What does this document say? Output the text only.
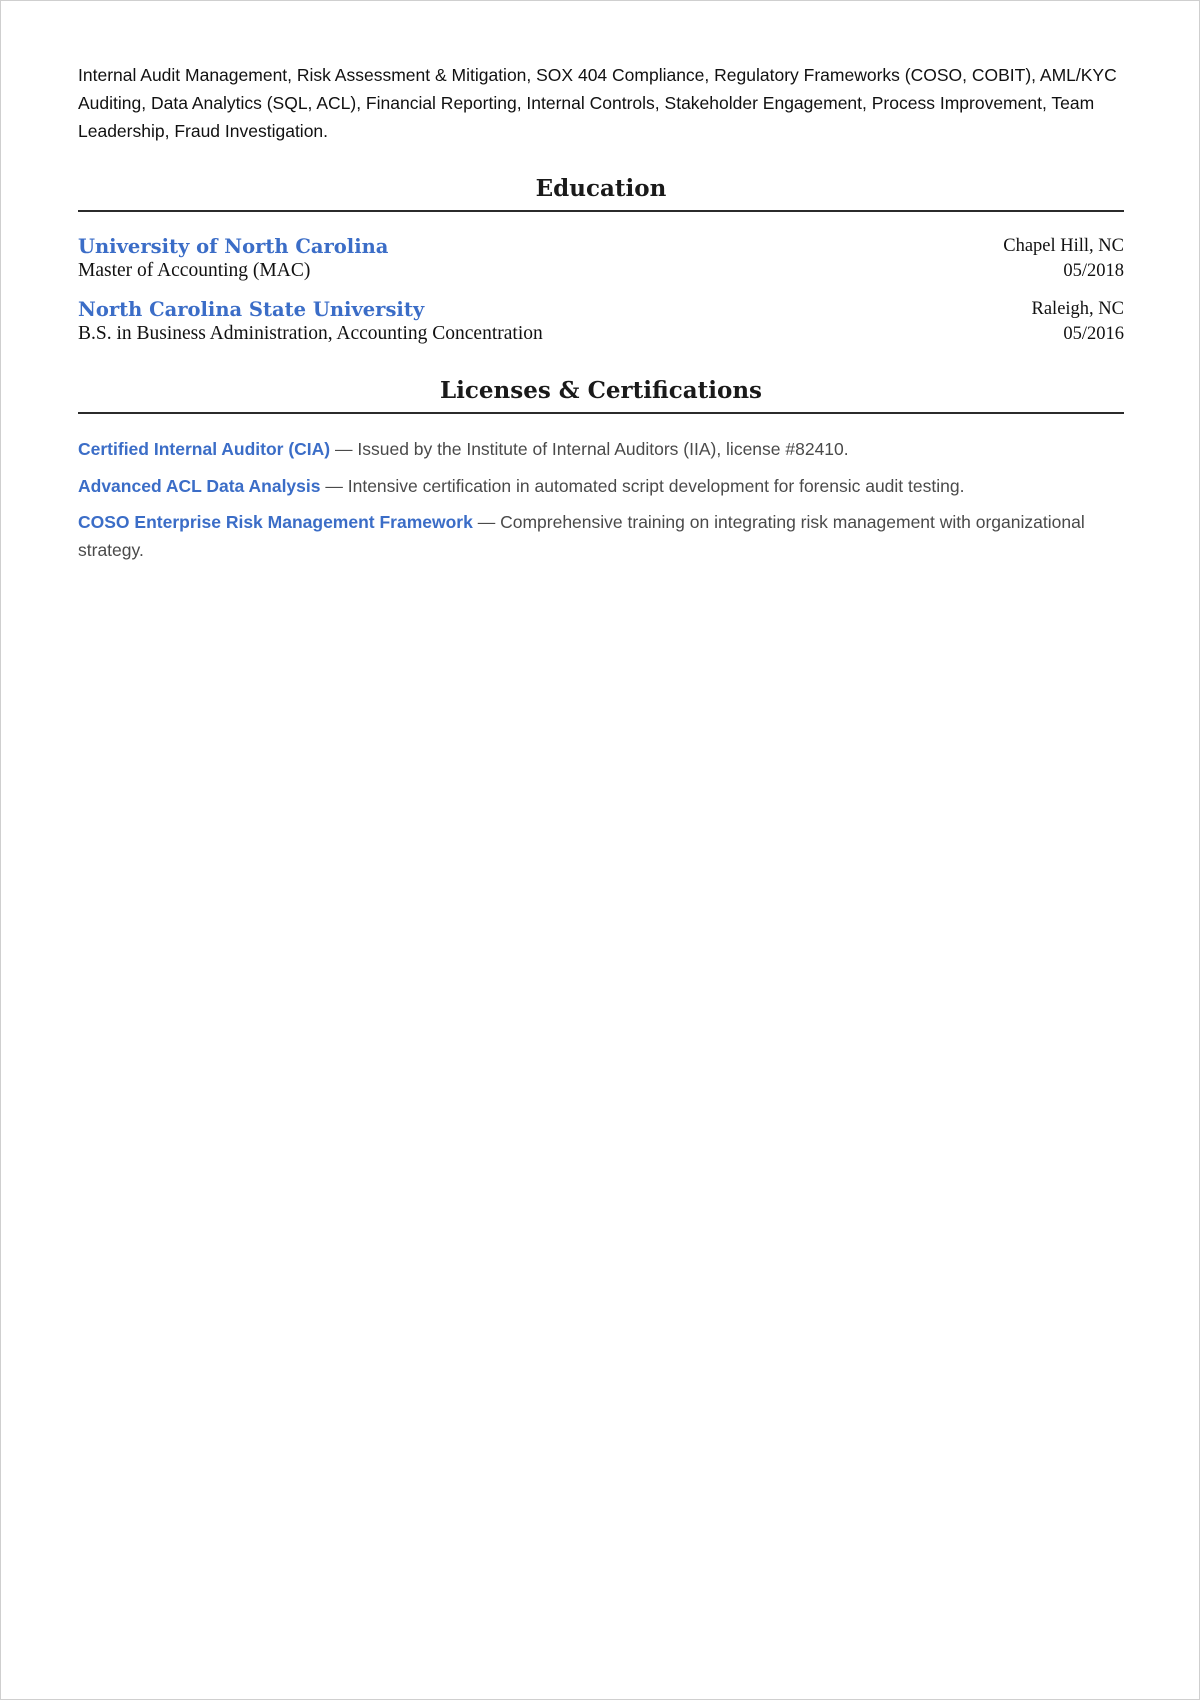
Internal Audit Management, Risk Assessment & Mitigation, SOX 404 Compliance, Regulatory Frameworks (COSO, COBIT), AML/KYC Auditing, Data Analytics (SQL, ACL), Financial Reporting, Internal Controls, Stakeholder Engagement, Process Improvement, Team Leadership, Fraud Investigation.

Education
University of North Carolina
Master of Accounting (MAC)
Chapel Hill, NC
05/2018
North Carolina State University
B.S. in Business Administration, Accounting Concentration
Raleigh, NC
05/2016
Licenses & Certifications

Certified Internal Auditor (CIA) — Issued by the Institute of Internal Auditors (IIA), license #82410.

Advanced ACL Data Analysis — Intensive certification in automated script development for forensic audit testing.

COSO Enterprise Risk Management Framework — Comprehensive training on integrating risk management with organizational strategy.
